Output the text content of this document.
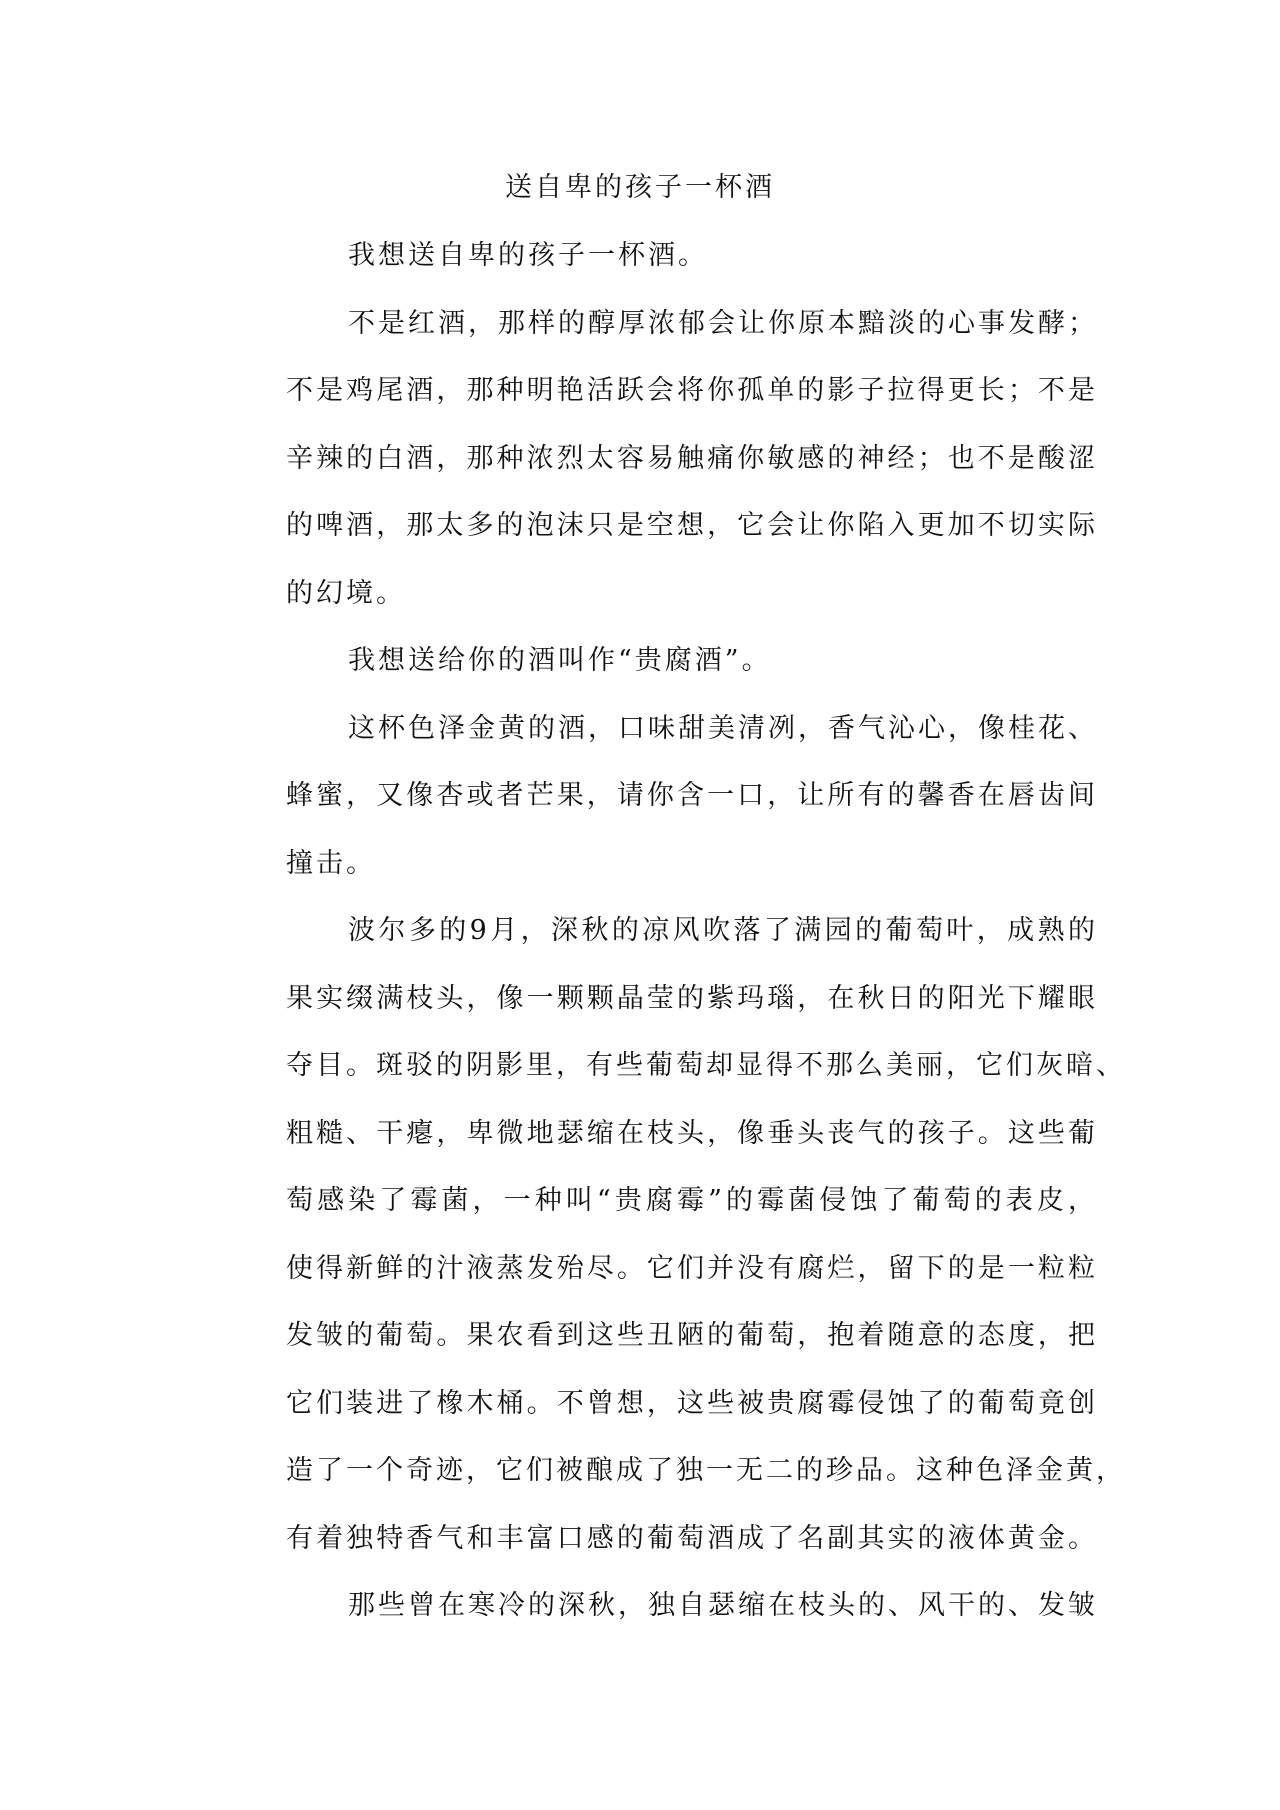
送自卑的孩子一杯酒
我想送自卑的孩子一杯酒。
不是红酒，那样的醇厚浓郁会让你原本黯淡的心事发酵；
不是鸡尾酒，那种明艳活跃会将你孤单的影子拉得更长；不是
辛辣的白酒，那种浓烈太容易触痛你敏感的神经；也不是酸涩
的啤酒，那太多的泡沫只是空想，它会让你陷入更加不切实际
的幻境。
我想送给你的酒叫作“贵腐酒”。
这杯色泽金黄的酒，口味甜美清冽，香气沁心，像桂花、
蜂蜜，又像杏或者芒果，请你含一口，让所有的馨香在唇齿间
撞击。
波尔多的9月，深秋的凉风吹落了满园的葡萄叶，成熟的
果实缀满枝头，像一颗颗晶莹的紫玛瑙，在秋日的阳光下耀眼
夺目。斑驳的阴影里，有些葡萄却显得不那么美丽，它们灰暗、
粗糙、干瘪，卑微地瑟缩在枝头，像垂头丧气的孩子。这些葡
萄感染了霉菌，一种叫“贵腐霉”的霉菌侵蚀了葡萄的表皮，
使得新鲜的汁液蒸发殆尽。它们并没有腐烂，留下的是一粒粒
发皱的葡萄。果农看到这些丑陋的葡萄，抱着随意的态度，把
它们装进了橡木桶。不曾想，这些被贵腐霉侵蚀了的葡萄竟创
造了一个奇迹，它们被酿成了独一无二的珍品。这种色泽金黄，
有着独特香气和丰富口感的葡萄酒成了名副其实的液体黄金。
那些曾在寒冷的深秋，独自瑟缩在枝头的、风干的、发皱
